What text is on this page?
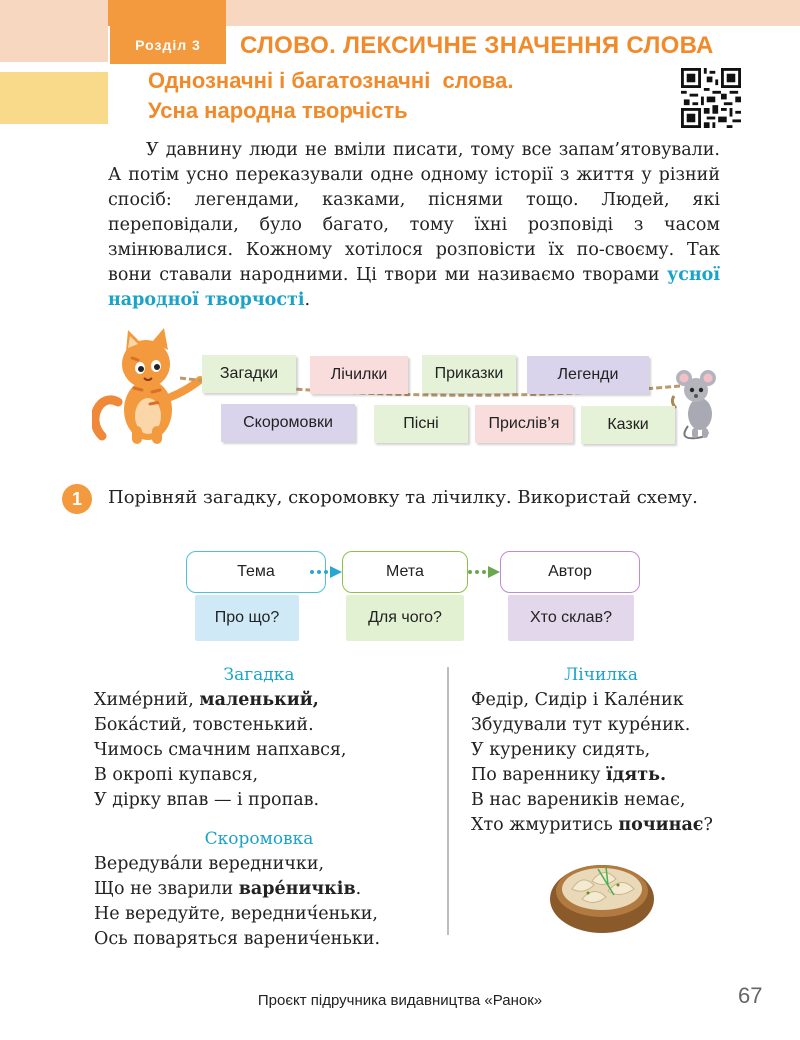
Розділ 3	СЛОВО. ЛЕКСИЧНЕ ЗНАЧЕННЯ СЛОВА
Однозначні і багатозначні  слова.
Усна народна творчість
У давнину люди не вміли писати, тому все запам’ятовували. А потім усно переказували одне одному історії з життя у різний спосіб: легендами, казками, піснями тощо. Людей, які переповідали, було багато, тому їхні розповіді з часом змінювалися. Кожному хотілося розповісти їх по-своєму. Так вони ставали народними. Ці твори ми називаємо творами усної народної творчості.
Загадки	Лічилки	Приказки	Легенди
Скоромовки	Пісні	Прислів’я	Казки
1	Порівняй загадку, скоромовку та лічилку. Використай схему.
Тема	Мета	Автор
Про що?	Для чого?	Хто склав?
Загадка
Химе́рний, маленький,
Бока́стий, товстенький.
Чимось смачним напхався,
В окропі купався,
У дірку впав — і пропав.
Скоромовка
Вередува́ли вереднички,
Що не зварили варе́ничків.
Не вередуйте, вереднич́еньки,
Ось поваряться варенич́еньки.
Лічилка
Федір, Сидір і Кале́ник
Збудували тут куре́ник.
У куренику сидять,
По вареннику їдять.
В нас вареників немає,
Хто жмуритись починає?
Проєкт підручника видавництва «Ранок»	67
